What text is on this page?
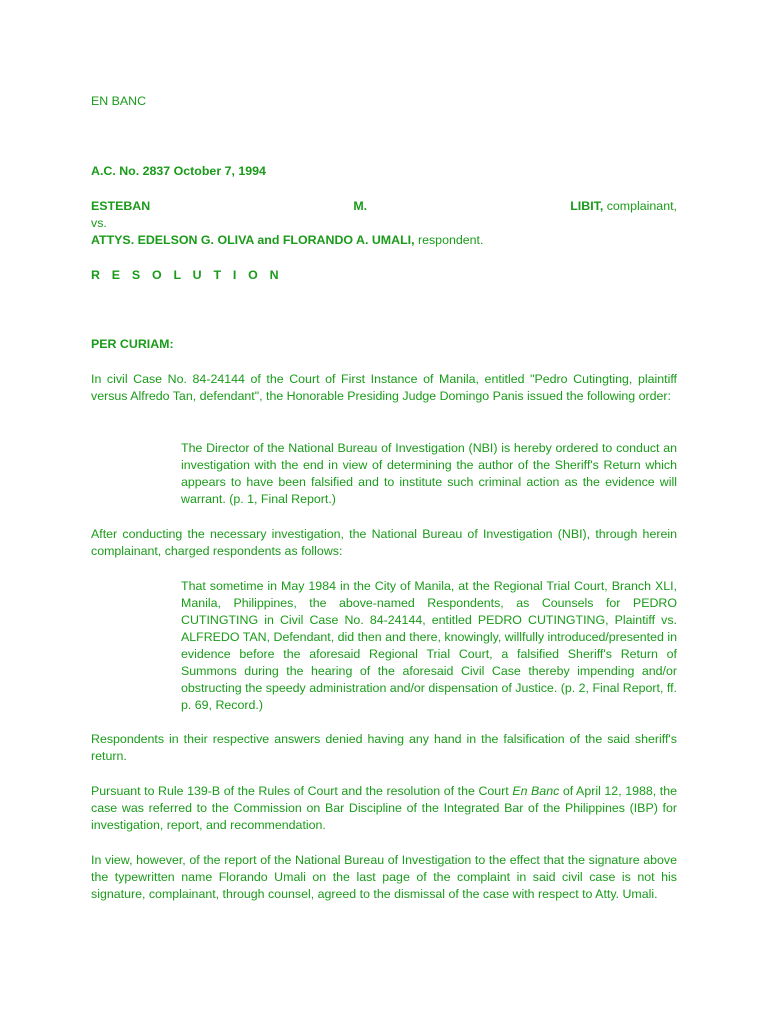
EN BANC
A.C. No. 2837 October 7, 1994
ESTEBAN	M.	LIBIT, complainant,
vs.
ATTYS. EDELSON G. OLIVA and FLORANDO A. UMALI, respondent.
R E S O L U T I O N
PER CURIAM:
In civil Case No. 84-24144 of the Court of First Instance of Manila, entitled "Pedro Cutingting, plaintiff versus Alfredo Tan, defendant", the Honorable Presiding Judge Domingo Panis issued the following order:
The Director of the National Bureau of Investigation (NBI) is hereby ordered to conduct an investigation with the end in view of determining the author of the Sheriff's Return which appears to have been falsified and to institute such criminal action as the evidence will warrant. (p. 1, Final Report.)
After conducting the necessary investigation, the National Bureau of Investigation (NBI), through herein complainant, charged respondents as follows:
That sometime in May 1984 in the City of Manila, at the Regional Trial Court, Branch XLI, Manila, Philippines, the above-named Respondents, as Counsels for PEDRO CUTINGTING in Civil Case No. 84-24144, entitled PEDRO CUTINGTING, Plaintiff vs. ALFREDO TAN, Defendant, did then and there, knowingly, willfully introduced/presented in evidence before the aforesaid Regional Trial Court, a falsified Sheriff's Return of Summons during the hearing of the aforesaid Civil Case thereby impending and/or obstructing the speedy administration and/or dispensation of Justice. (p. 2, Final Report, ff. p. 69, Record.)
Respondents in their respective answers denied having any hand in the falsification of the said sheriff's return.
Pursuant to Rule 139-B of the Rules of Court and the resolution of the Court En Banc of April 12, 1988, the case was referred to the Commission on Bar Discipline of the Integrated Bar of the Philippines (IBP) for investigation, report, and recommendation.
In view, however, of the report of the National Bureau of Investigation to the effect that the signature above the typewritten name Florando Umali on the last page of the complaint in said civil case is not his signature, complainant, through counsel, agreed to the dismissal of the case with respect to Atty. Umali.
